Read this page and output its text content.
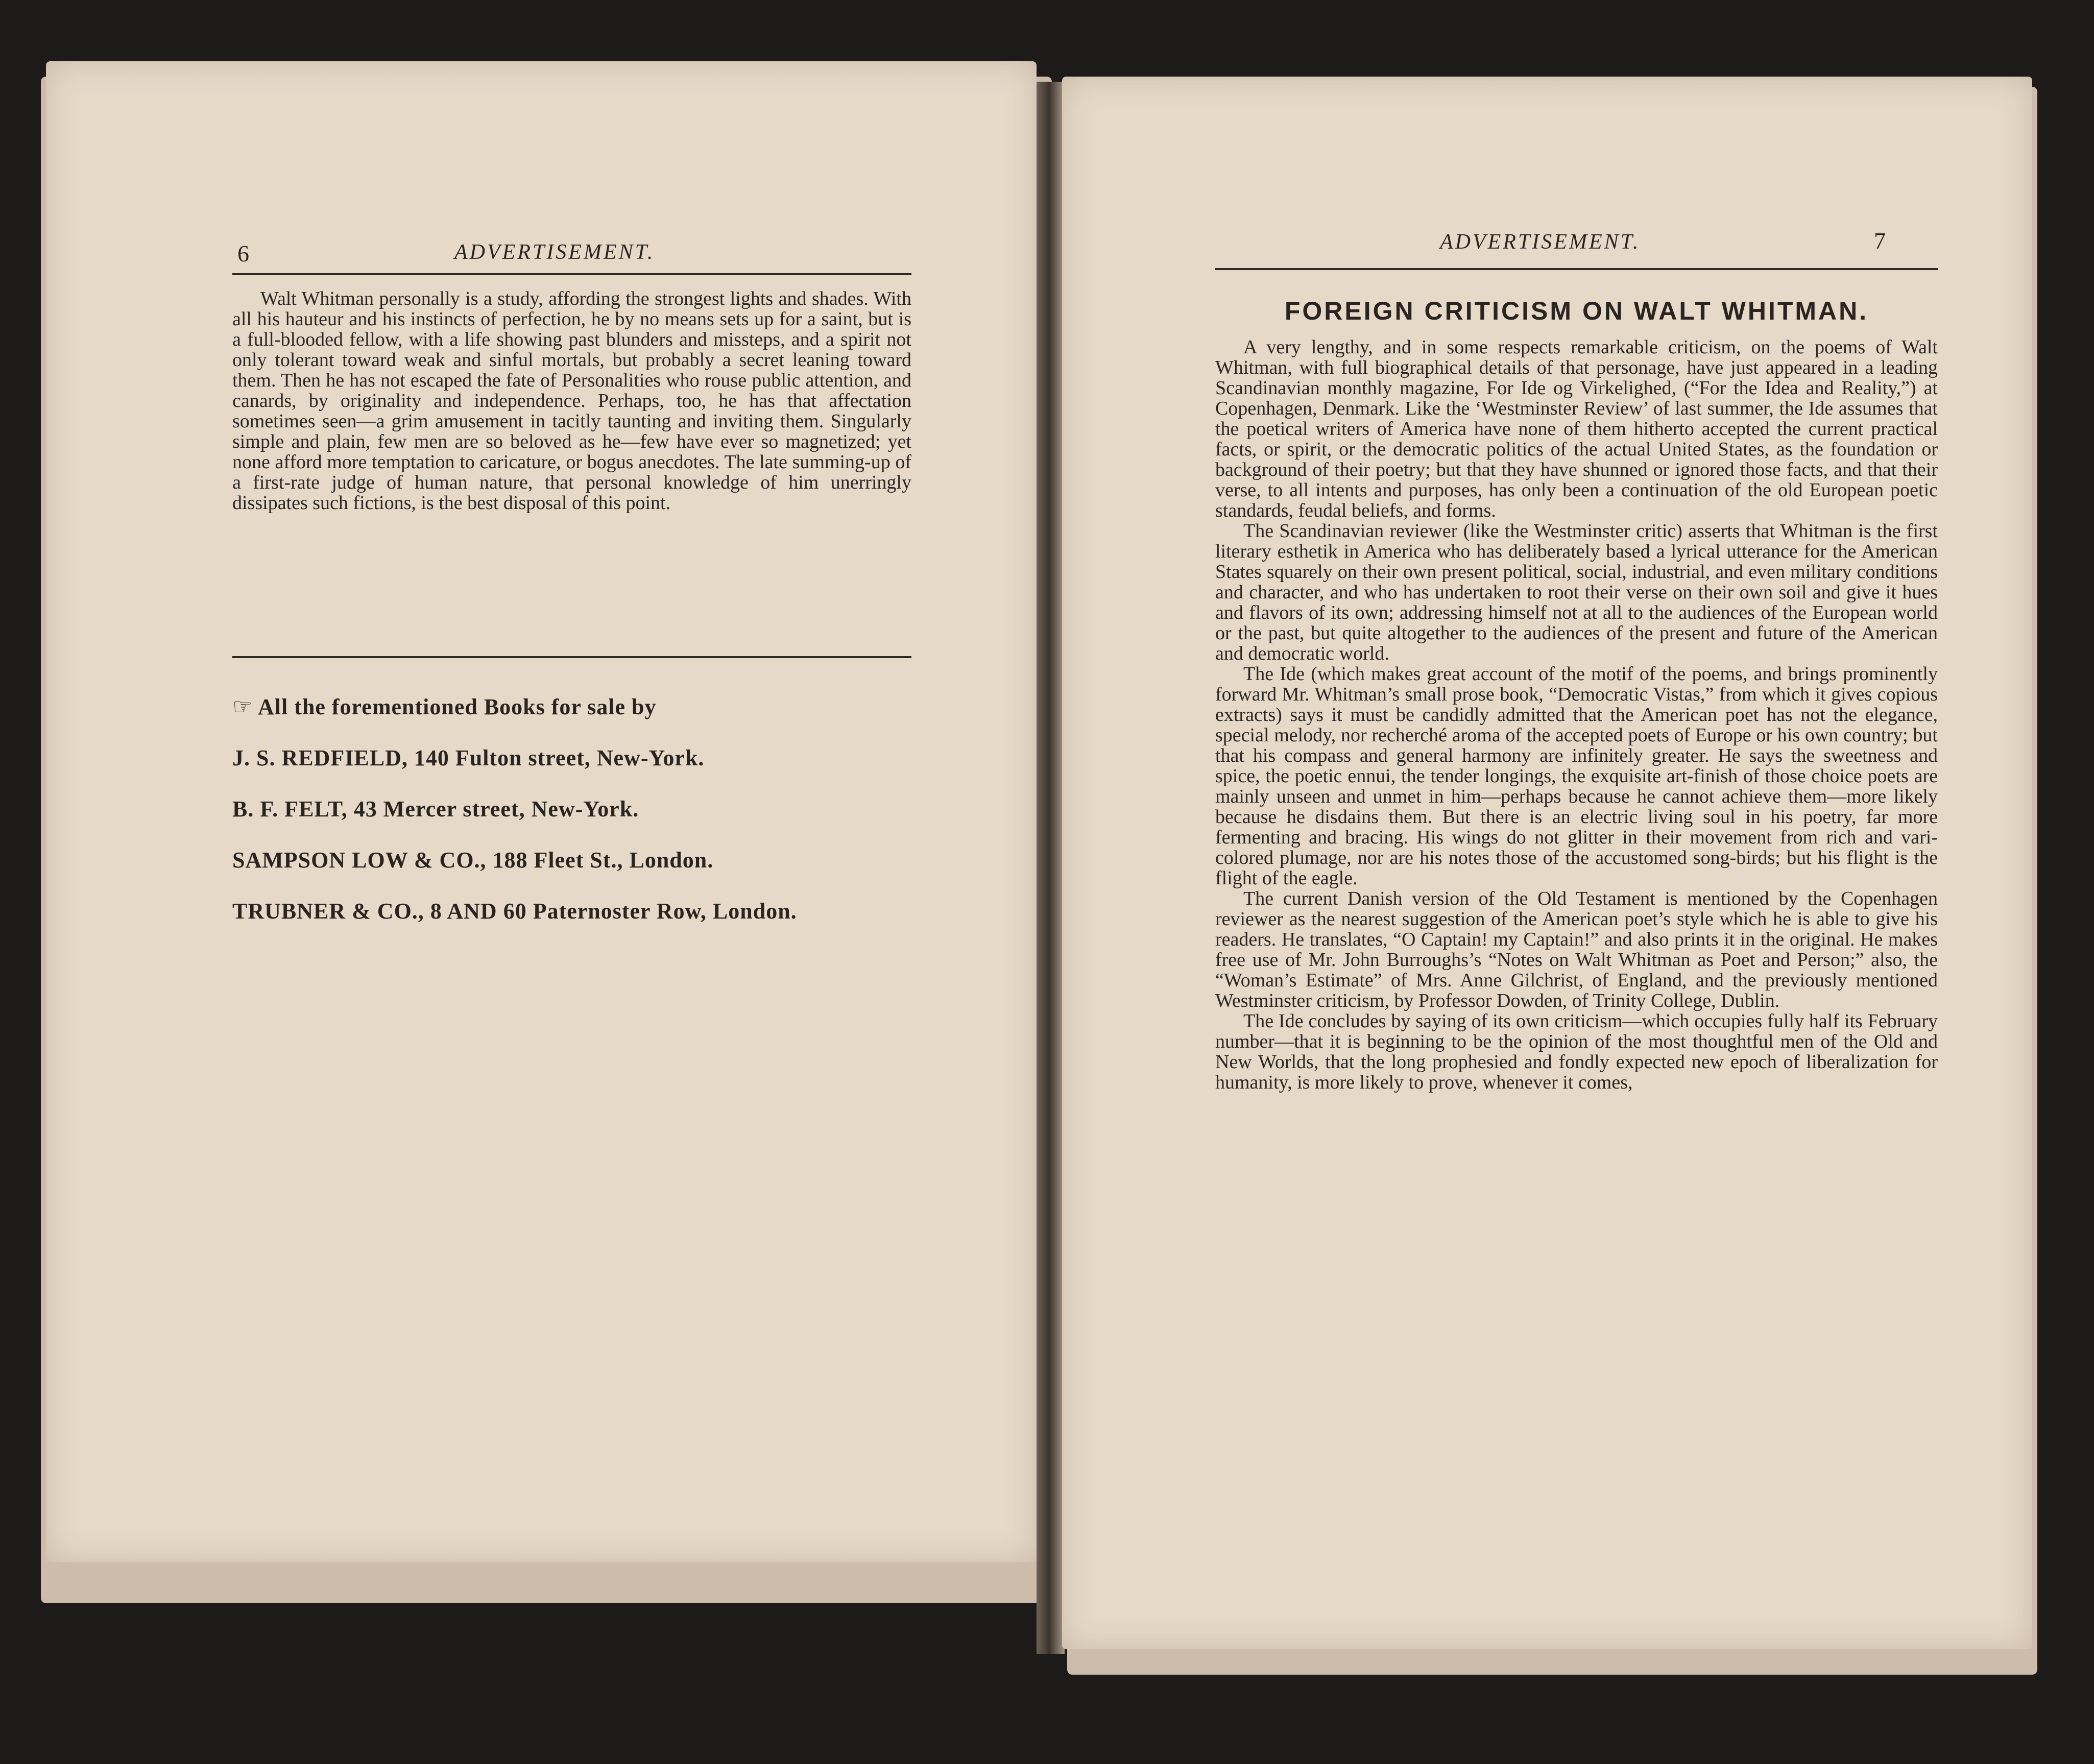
6	ADVERTISEMENT.

Walt Whitman personally is a study, affording the strongest lights and shades. With all his hauteur and his instincts of perfection, he by no means sets up for a saint, but is a full-blooded fellow, with a life showing past blunders and missteps, and a spirit not only tolerant toward weak and sinful mortals, but probably a secret leaning toward them. Then he has not escaped the fate of Personalities who rouse public attention, and canards, by originality and independence. Perhaps, too, he has that affectation sometimes seen—a grim amusement in tacitly taunting and inviting them. Singularly simple and plain, few men are so beloved as he—few have ever so magnetized; yet none afford more temptation to caricature, or bogus anecdotes. The late summing-up of a first-rate judge of human nature, that personal knowledge of him unerringly dissipates such fictions, is the best disposal of this point.

☞ All the forementioned Books for sale by
J. S. REDFIELD, 140 Fulton street, New-York.
B. F. FELT, 43 Mercer street, New-York.
SAMPSON LOW & CO., 188 Fleet St., London.
TRUBNER & CO., 8 AND 60 Paternoster Row, London.
ADVERTISEMENT.	7
FOREIGN CRITICISM ON WALT WHITMAN.

A very lengthy, and in some respects remarkable criticism, on the poems of Walt Whitman, with full biographical details of that personage, have just appeared in a leading Scandinavian monthly magazine, For Ide og Virkelighed, (“For the Idea and Reality,”) at Copenhagen, Denmark. Like the ‘Westminster Review’ of last summer, the Ide assumes that the poetical writers of America have none of them hitherto accepted the current practical facts, or spirit, or the democratic politics of the actual United States, as the foundation or background of their poetry; but that they have shunned or ignored those facts, and that their verse, to all intents and purposes, has only been a continuation of the old European poetic standards, feudal beliefs, and forms.

The Scandinavian reviewer (like the Westminster critic) asserts that Whitman is the first literary esthetik in America who has deliberately based a lyrical utterance for the American States squarely on their own present political, social, industrial, and even military conditions and character, and who has undertaken to root their verse on their own soil and give it hues and flavors of its own; addressing himself not at all to the audiences of the European world or the past, but quite altogether to the audiences of the present and future of the American and democratic world.

The Ide (which makes great account of the motif of the poems, and brings prominently forward Mr. Whitman’s small prose book, “Democratic Vistas,” from which it gives copious extracts) says it must be candidly admitted that the American poet has not the elegance, special melody, nor recherché aroma of the accepted poets of Europe or his own country; but that his compass and general harmony are infinitely greater. He says the sweetness and spice, the poetic ennui, the tender longings, the exquisite art-finish of those choice poets are mainly unseen and unmet in him—perhaps because he cannot achieve them—more likely because he disdains them. But there is an electric living soul in his poetry, far more fermenting and bracing. His wings do not glitter in their movement from rich and vari-colored plumage, nor are his notes those of the accustomed song-birds; but his flight is the flight of the eagle.

The current Danish version of the Old Testament is mentioned by the Copenhagen reviewer as the nearest suggestion of the American poet’s style which he is able to give his readers. He translates, “O Captain! my Captain!” and also prints it in the original. He makes free use of Mr. John Burroughs’s “Notes on Walt Whitman as Poet and Person;” also, the “Woman’s Estimate” of Mrs. Anne Gilchrist, of England, and the previously mentioned Westminster criticism, by Professor Dowden, of Trinity College, Dublin.

The Ide concludes by saying of its own criticism—which occupies fully half its February number—that it is beginning to be the opinion of the most thoughtful men of the Old and New Worlds, that the long prophesied and fondly expected new epoch of liberalization for humanity, is more likely to prove, whenever it comes,
